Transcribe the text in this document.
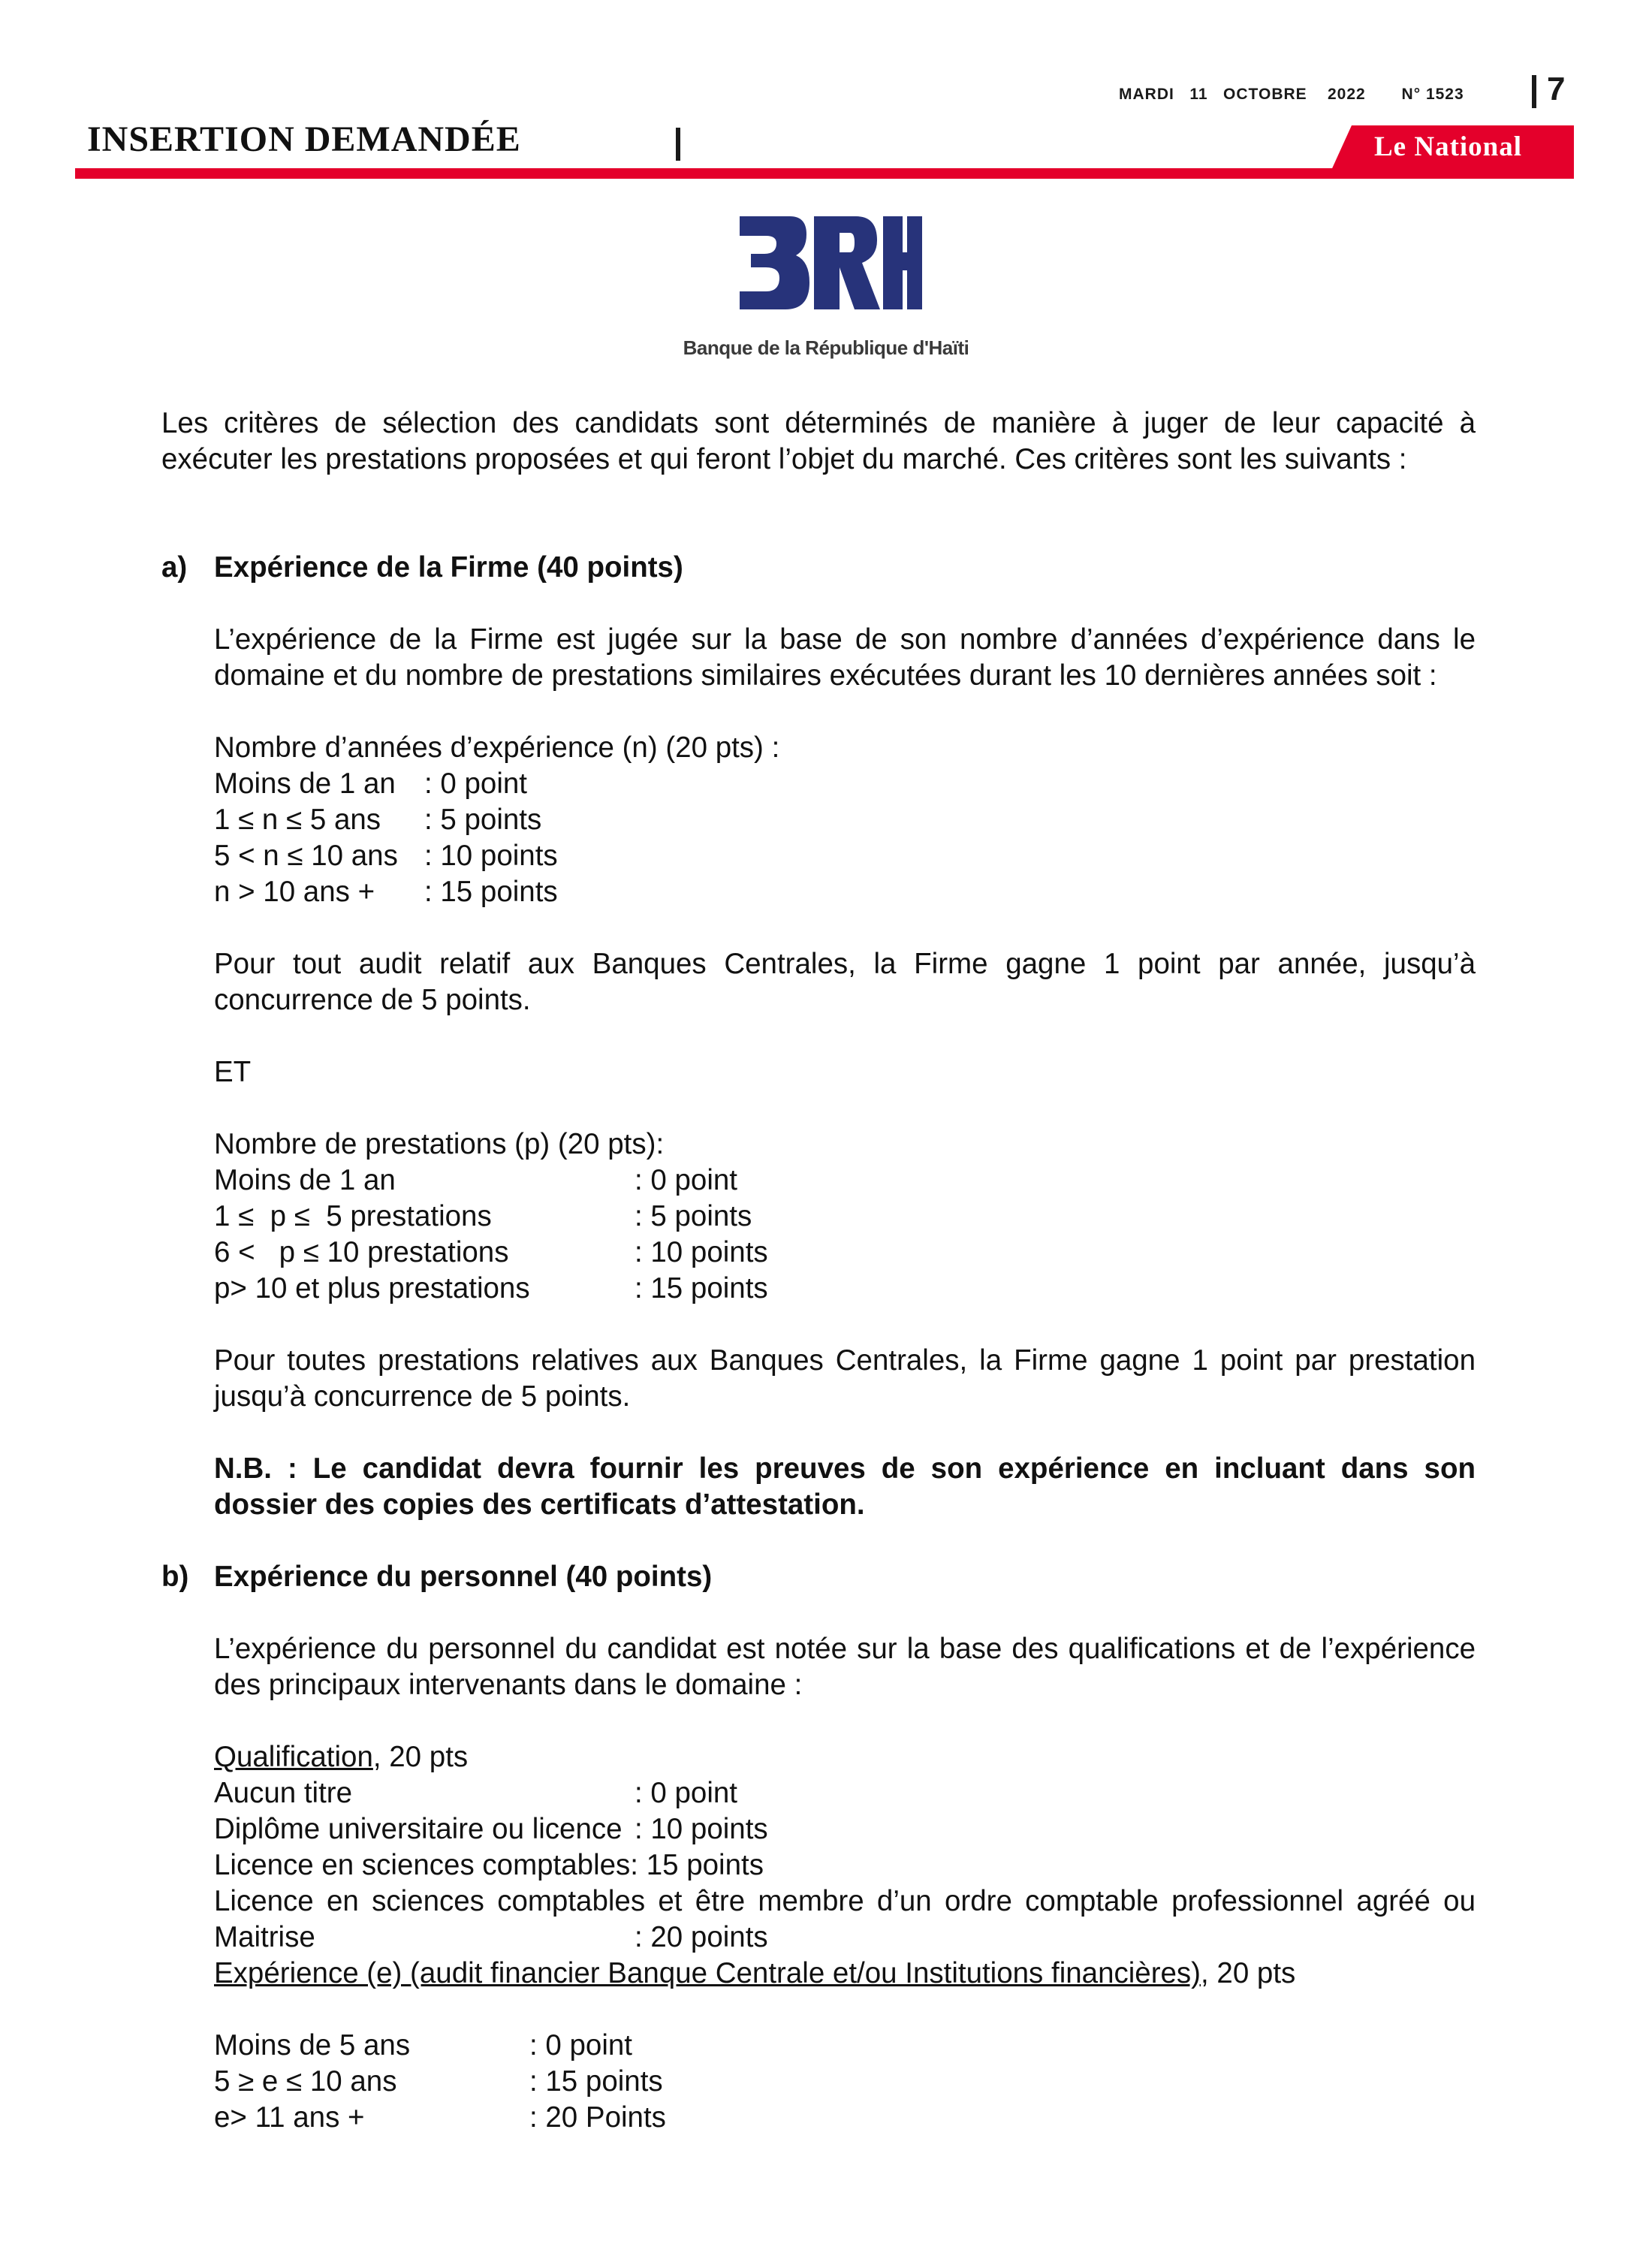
MARDI   11   OCTOBRE    2022       N° 1523	7
INSERTION DEMANDÉE	Le National
Banque de la République d'Haïti

Les critères de sélection des candidats sont déterminés de manière à juger de leur capacité à exécuter les prestations proposées et qui feront l’objet du marché. Ces critères sont les suivants :

a) Expérience de la Firme (40 points)

L’expérience de la Firme est jugée sur la base de son nombre d’années d’expérience dans le domaine et du nombre de prestations similaires exécutées durant les 10 dernières années soit :

Nombre d’années d’expérience (n) (20 pts) :

Moins de 1 an : 0 point
1 ≤ n ≤ 5 ans	: 5 points
5 < n ≤ 10 ans : 10 points
n > 10 ans +	: 15 points

Pour tout audit relatif aux Banques Centrales, la Firme gagne 1 point par année, jusqu’à concurrence de 5 points.

ET

Nombre de prestations (p) (20 pts):

Moins de 1 an	: 0 point
1 ≤  p ≤  5 prestations	: 5 points
6 <   p ≤ 10 prestations	: 10 points
p> 10 et plus prestations	: 15 points

Pour toutes prestations relatives aux Banques Centrales, la Firme gagne 1 point par prestation jusqu’à concurrence de 5 points.

N.B. : Le candidat devra fournir les preuves de son expérience en incluant dans son dossier des copies des certificats d’attestation.

b) Expérience du personnel (40 points)

L’expérience du personnel du candidat est notée sur la base des qualifications et de l’expérience des principaux intervenants dans le domaine :

Qualification, 20 pts

Aucun titre	: 0 point
Diplôme universitaire ou licence : 10 points
Licence en sciences comptables : 15 points

Licence en sciences comptables et être membre d’un ordre comptable professionnel agréé ou

Maitrise	: 20 points

Expérience (e) (audit financier Banque Centrale et/ou Institutions financières), 20 pts

Moins de 5 ans	: 0 point
5 ≥ e ≤ 10 ans	: 15 points
e> 11 ans +	: 20 Points
